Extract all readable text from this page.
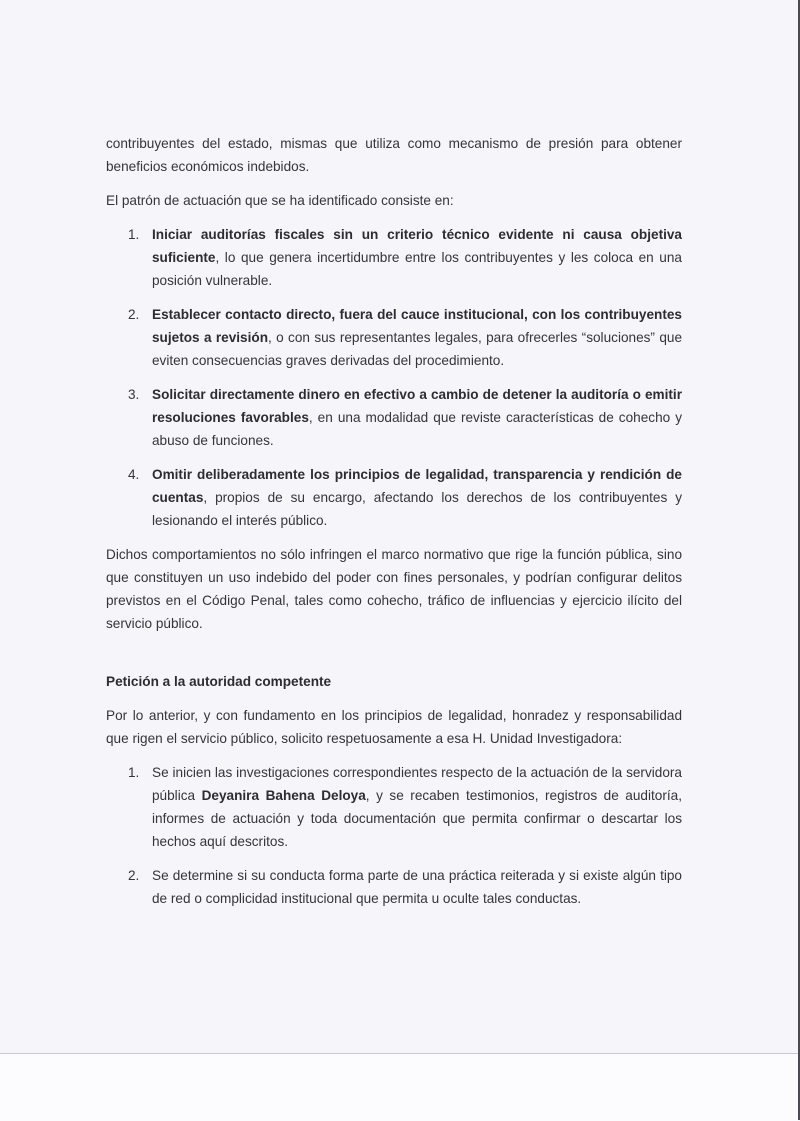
contribuyentes del estado, mismas que utiliza como mecanismo de presión para obtener beneficios económicos indebidos.

El patrón de actuación que se ha identificado consiste en:

1. Iniciar auditorías fiscales sin un criterio técnico evidente ni causa objetiva suficiente, lo que genera incertidumbre entre los contribuyentes y les coloca en una posición vulnerable.
2. Establecer contacto directo, fuera del cauce institucional, con los contribuyentes sujetos a revisión, o con sus representantes legales, para ofrecerles “soluciones” que eviten consecuencias graves derivadas del procedimiento.
3. Solicitar directamente dinero en efectivo a cambio de detener la auditoría o emitir resoluciones favorables, en una modalidad que reviste características de cohecho y abuso de funciones.
4. Omitir deliberadamente los principios de legalidad, transparencia y rendición de cuentas, propios de su encargo, afectando los derechos de los contribuyentes y lesionando el interés público.

Dichos comportamientos no sólo infringen el marco normativo que rige la función pública, sino que constituyen un uso indebido del poder con fines personales, y podrían configurar delitos previstos en el Código Penal, tales como cohecho, tráfico de influencias y ejercicio ilícito del servicio público.

Petición a la autoridad competente

Por lo anterior, y con fundamento en los principios de legalidad, honradez y responsabilidad que rigen el servicio público, solicito respetuosamente a esa H. Unidad Investigadora:

1. Se inicien las investigaciones correspondientes respecto de la actuación de la servidora pública Deyanira Bahena Deloya, y se recaben testimonios, registros de auditoría, informes de actuación y toda documentación que permita confirmar o descartar los hechos aquí descritos.
2. Se determine si su conducta forma parte de una práctica reiterada y si existe algún tipo de red o complicidad institucional que permita u oculte tales conductas.
